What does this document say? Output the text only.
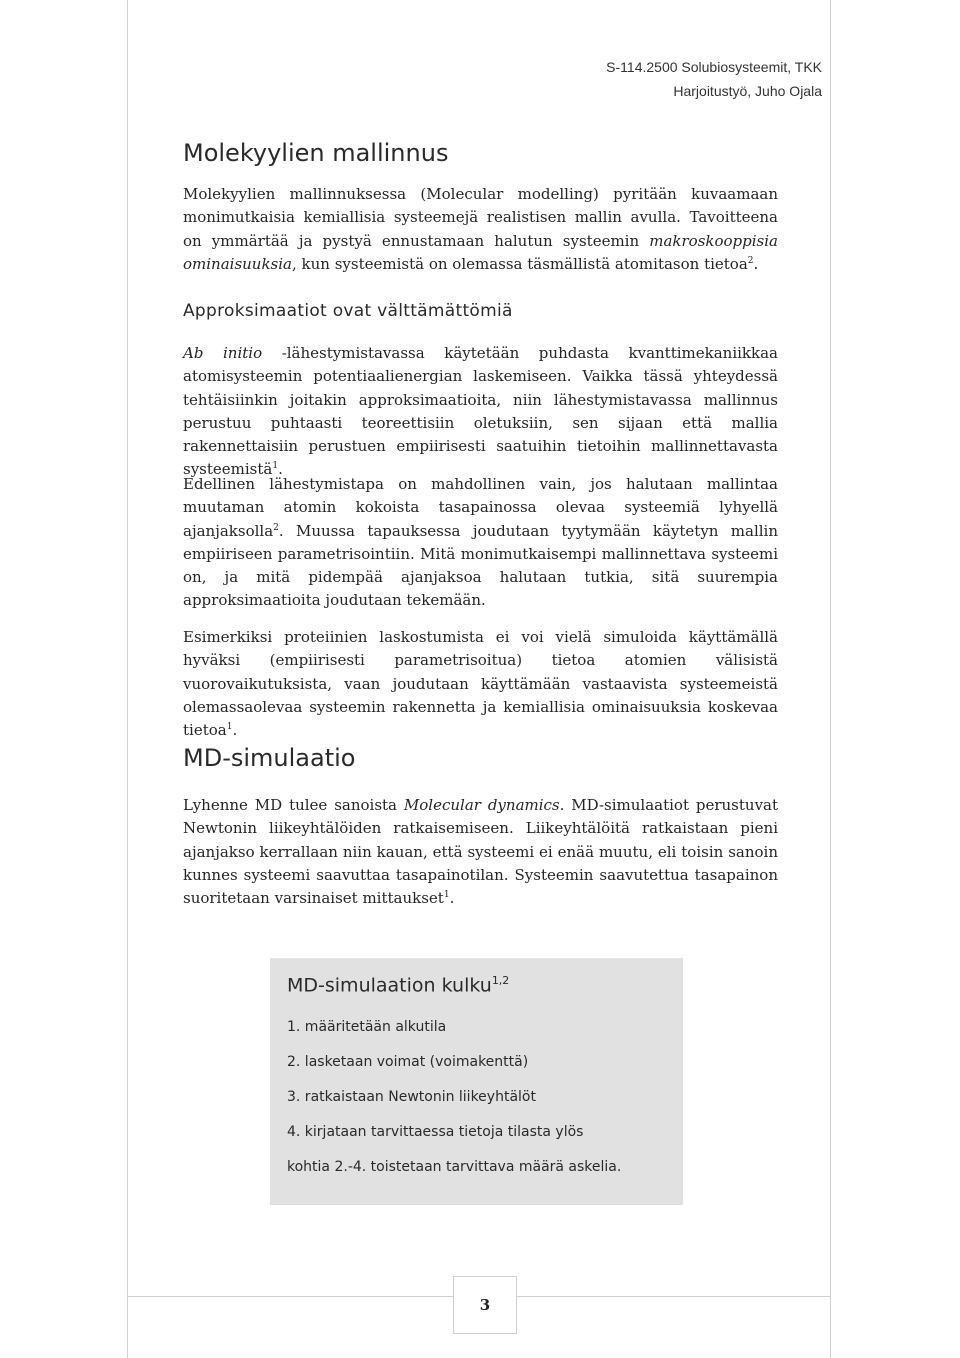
S-114.2500 Solubiosysteemit, TKK
Harjoitustyö, Juho Ojala
Molekyylien mallinnus

Molekyylien mallinnuksessa (Molecular modelling) pyritään kuvaamaan monimutkaisia kemiallisia systeemejä realistisen mallin avulla. Tavoitteena on ymmärtää ja pystyä ennustamaan halutun systeemin makroskooppisia ominaisuuksia, kun systeemistä on olemassa täsmällistä atomitason tietoa$^2$.

Approksimaatiot ovat välttämättömiä

Ab initio -lähestymistavassa käytetään puhdasta kvanttimekaniikkaa atomisysteemin potentiaalienergian laskemiseen. Vaikka tässä yhteydessä tehtäisiinkin joitakin approksimaatioita, niin lähestymistavassa mallinnus perustuu puhtaasti teoreettisiin oletuksiin, sen sijaan että mallia rakennettaisiin perustuen empiirisesti saatuihin tietoihin mallinnettavasta systeemistä$^1$.

Edellinen lähestymistapa on mahdollinen vain, jos halutaan mallintaa muutaman atomin kokoista tasapainossa olevaa systeemiä lyhyellä ajanjaksolla$^2$. Muussa tapauksessa joudutaan tyytymään käytetyn mallin empiiriseen parametrisointiin. Mitä monimutkaisempi mallinnettava systeemi on, ja mitä pidempää ajanjaksoa halutaan tutkia, sitä suurempia approksimaatioita joudutaan tekemään.

Esimerkiksi proteiinien laskostumista ei voi vielä simuloida käyttämällä hyväksi (empiirisesti parametrisoitua) tietoa atomien välisistä vuorovaikutuksista, vaan joudutaan käyttämään vastaavista systeemeistä olemassaolevaa systeemin rakennetta ja kemiallisia ominaisuuksia koskevaa tietoa$^1$.

MD-simulaatio

Lyhenne MD tulee sanoista Molecular dynamics. MD-simulaatiot perustuvat Newtonin liikeyhtälöiden ratkaisemiseen. Liikeyhtälöitä ratkaistaan pieni ajanjakso kerrallaan niin kauan, että systeemi ei enää muutu, eli toisin sanoin kunnes systeemi saavuttaa tasapainotilan. Systeemin saavutettua tasapainon suoritetaan varsinaiset mittaukset$^1$.

MD-simulaation kulku$^{1,2}$
1. määritetään alkutila
2. lasketaan voimat (voimakenttä)
3. ratkaistaan Newtonin liikeyhtälöt
4. kirjataan tarvittaessa tietoja tilasta ylös
kohtia 2.-4. toistetaan tarvittava määrä askelia.
3
